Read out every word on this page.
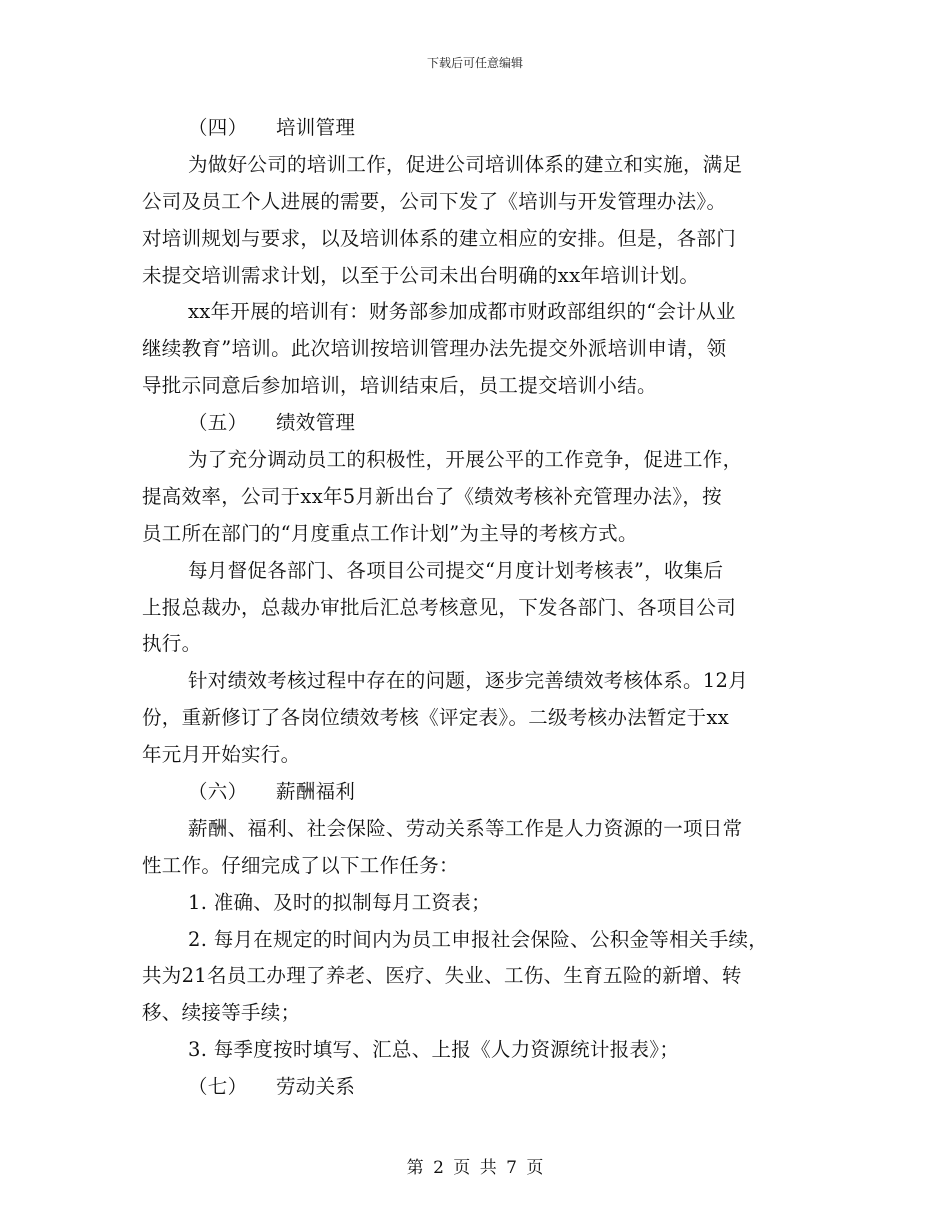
下载后可任意编辑
（四） 培训管理
为做好公司的培训工作，促进公司培训体系的建立和实施，满足
公司及员工个人进展的需要，公司下发了《培训与开发管理办法》。
对培训规划与要求，以及培训体系的建立相应的安排。但是，各部门
未提交培训需求计划，以至于公司未出台明确的xx年培训计划。
xx年开展的培训有：财务部参加成都市财政部组织的“会计从业
继续教育”培训。此次培训按培训管理办法先提交外派培训申请，领
导批示同意后参加培训，培训结束后，员工提交培训小结。
（五） 绩效管理
为了充分调动员工的积极性，开展公平的工作竞争，促进工作，
提高效率，公司于xx年5月新出台了《绩效考核补充管理办法》，按
员工所在部门的“月度重点工作计划”为主导的考核方式。
每月督促各部门、各项目公司提交“月度计划考核表”，收集后
上报总裁办，总裁办审批后汇总考核意见，下发各部门、各项目公司
执行。
针对绩效考核过程中存在的问题，逐步完善绩效考核体系。12月
份，重新修订了各岗位绩效考核《评定表》。二级考核办法暂定于xx
年元月开始实行。
（六） 薪酬福利
薪酬、福利、社会保险、劳动关系等工作是人力资源的一项日常
性工作。仔细完成了以下工作任务：
1. 准确、及时的拟制每月工资表；
2. 每月在规定的时间内为员工申报社会保险、公积金等相关手续，
共为21名员工办理了养老、医疗、失业、工伤、生育五险的新增、转
移、续接等手续；
3. 每季度按时填写、汇总、上报《人力资源统计报表》；
（七） 劳动关系
第 2 页 共 7 页
